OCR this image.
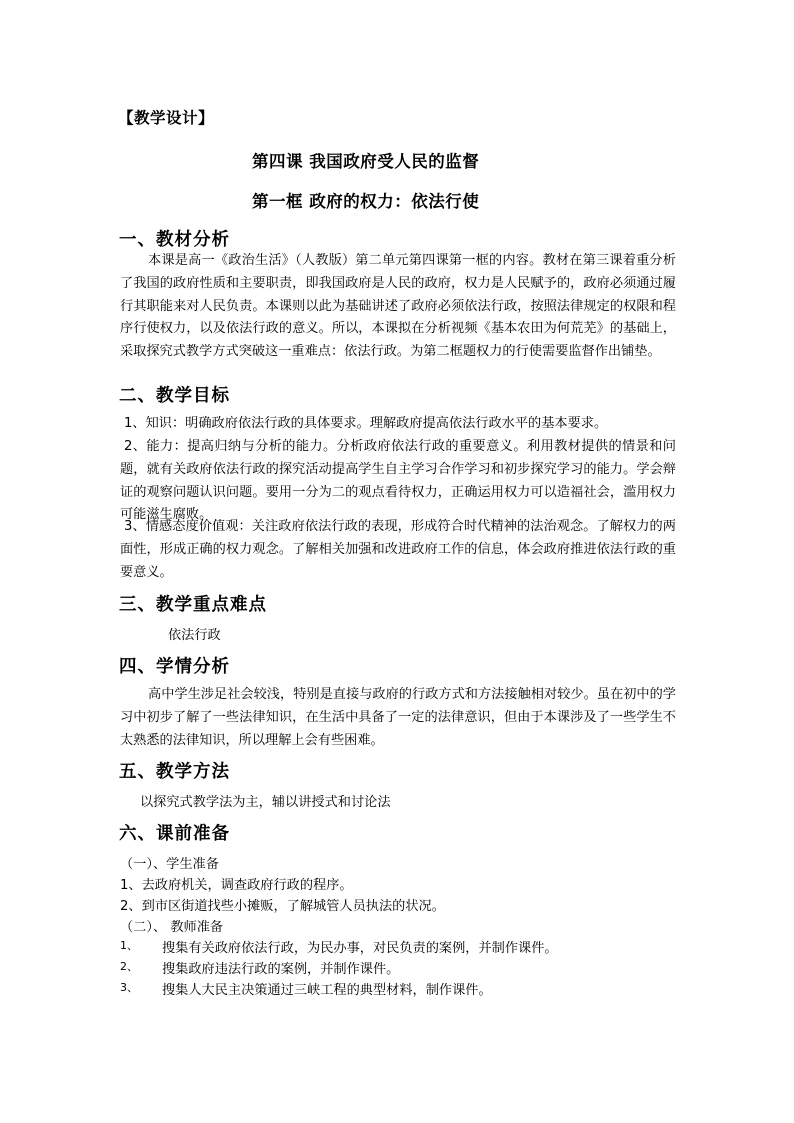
【教学设计】
第四课 我国政府受人民的监督
第一框 政府的权力：依法行使
一、教材分析
本课是高一《政治生活》（人教版）第二单元第四课第一框的内容。教材在第三课着重分析了我国的政府性质和主要职责，即我国政府是人民的政府，权力是人民赋予的，政府必须通过履行其职能来对人民负责。本课则以此为基础讲述了政府必须依法行政，按照法律规定的权限和程序行使权力，以及依法行政的意义。所以，本课拟在分析视频《基本农田为何荒芜》的基础上，采取探究式教学方式突破这一重难点：依法行政。为第二框题权力的行使需要监督作出铺垫。
二、教学目标
1、知识：明确政府依法行政的具体要求。理解政府提高依法行政水平的基本要求。
2、能力：提高归纳与分析的能力。分析政府依法行政的重要意义。利用教材提供的情景和问题，就有关政府依法行政的探究活动提高学生自主学习合作学习和初步探究学习的能力。学会辩证的观察问题认识问题。要用一分为二的观点看待权力，正确运用权力可以造福社会，滥用权力可能滋生腐败。
3、情感态度价值观：关注政府依法行政的表现，形成符合时代精神的法治观念。了解权力的两面性，形成正确的权力观念。了解相关加强和改进政府工作的信息，体会政府推进依法行政的重要意义。
三、教学重点难点
依法行政
四、学情分析
高中学生涉足社会较浅，特别是直接与政府的行政方式和方法接触相对较少。虽在初中的学习中初步了解了一些法律知识，在生活中具备了一定的法律意识，但由于本课涉及了一些学生不太熟悉的法律知识，所以理解上会有些困难。
五、教学方法
以探究式教学法为主，辅以讲授式和讨论法
六、课前准备
（一）、学生准备
1、去政府机关，调查政府行政的程序。
2、到市区街道找些小摊贩，了解城管人员执法的状况。
（二）、 教师准备
1、 搜集有关政府依法行政，为民办事，对民负责的案例，并制作课件。
2、 搜集政府违法行政的案例，并制作课件。
3、 搜集人大民主决策通过三峡工程的典型材料，制作课件。
